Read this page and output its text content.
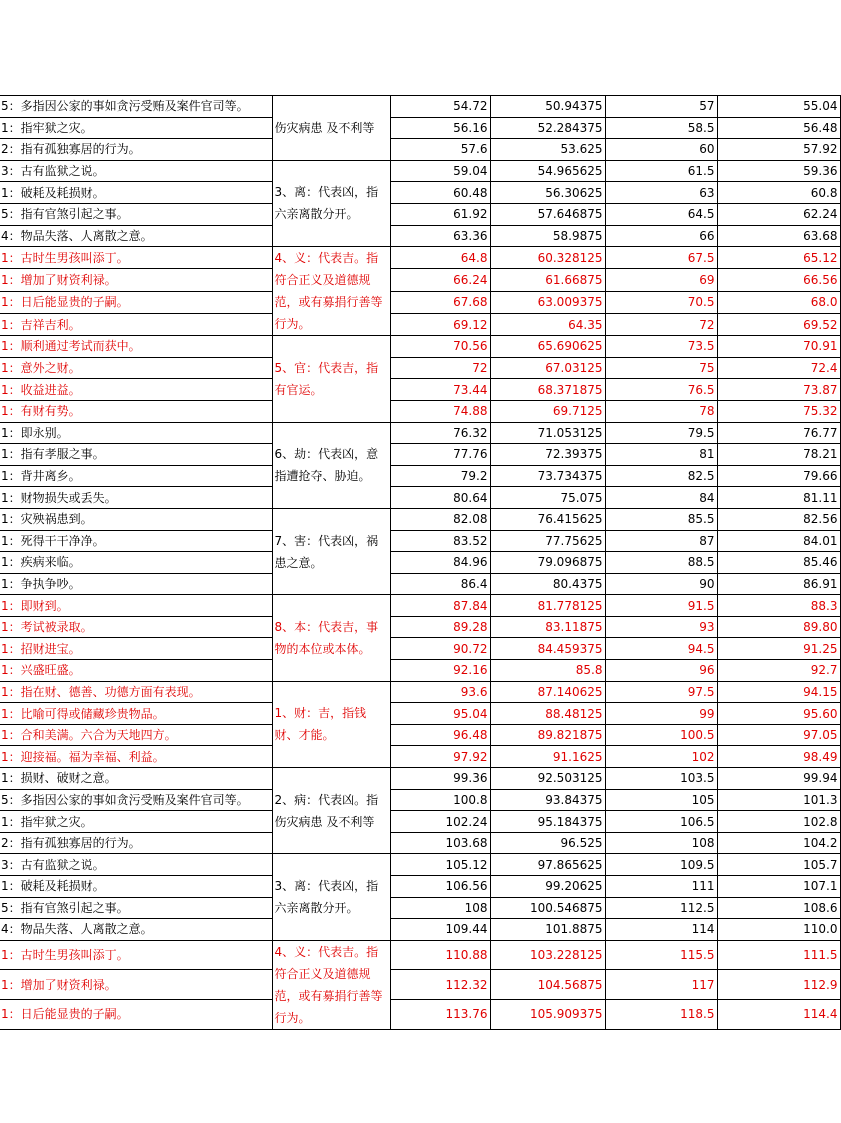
5：多指因公家的事如贪污受贿及案件官司等。	伤灾病患 及不利等	54.72	50.94375	57	55.04
1：指牢狱之灾。		56.16	52.284375	58.5	56.48
2：指有孤独寡居的行为。		57.6	53.625	60	57.92
3：古有监狱之说。	3、离：代表凶，指六亲离散分开。	59.04	54.965625	61.5	59.36
1：破耗及耗损财。		60.48	56.30625	63	60.8
5：指有官煞引起之事。		61.92	57.646875	64.5	62.24
4：物品失落、人离散之意。		63.36	58.9875	66	63.68
1：古时生男孩叫添丁。	4、义：代表吉。指符合正义及道德规范，或有募捐行善等行为。	64.8	60.328125	67.5	65.12
1：增加了财资利禄。		66.24	61.66875	69	66.56
1：日后能显贵的子嗣。		67.68	63.009375	70.5	68.0
1：吉祥吉利。		69.12	64.35	72	69.52
1：顺利通过考试而获中。	5、官：代表吉，指有官运。	70.56	65.690625	73.5	70.91
1：意外之财。		72	67.03125	75	72.4
1：收益进益。		73.44	68.371875	76.5	73.87
1：有财有势。		74.88	69.7125	78	75.32
1：即永别。	6、劫：代表凶，意指遭抢夺、胁迫。	76.32	71.053125	79.5	76.77
1：指有孝服之事。		77.76	72.39375	81	78.21
1：背井离乡。		79.2	73.734375	82.5	79.66
1：财物损失或丢失。		80.64	75.075	84	81.11
1：灾殃祸患到。	7、害：代表凶，祸患之意。	82.08	76.415625	85.5	82.56
1：死得干干净净。		83.52	77.75625	87	84.01
1：疾病来临。		84.96	79.096875	88.5	85.46
1：争执争吵。		86.4	80.4375	90	86.91
1：即财到。	8、本：代表吉，事物的本位或本体。	87.84	81.778125	91.5	88.3
1：考试被录取。		89.28	83.11875	93	89.80
1：招财进宝。		90.72	84.459375	94.5	91.25
1：兴盛旺盛。		92.16	85.8	96	92.7
1：指在财、德善、功德方面有表现。	1、财：吉，指钱财、才能。	93.6	87.140625	97.5	94.15
1：比喻可得或储藏珍贵物品。		95.04	88.48125	99	95.60
1：合和美满。六合为天地四方。		96.48	89.821875	100.5	97.05
1：迎接福。福为幸福、利益。		97.92	91.1625	102	98.49
1：损财、破财之意。	2、病：代表凶。指伤灾病患 及不利等	99.36	92.503125	103.5	99.94
5：多指因公家的事如贪污受贿及案件官司等。		100.8	93.84375	105	101.3
1：指牢狱之灾。		102.24	95.184375	106.5	102.8
2：指有孤独寡居的行为。		103.68	96.525	108	104.2
3：古有监狱之说。	3、离：代表凶，指六亲离散分开。	105.12	97.865625	109.5	105.7
1：破耗及耗损财。		106.56	99.20625	111	107.1
5：指有官煞引起之事。		108	100.546875	112.5	108.6
4：物品失落、人离散之意。		109.44	101.8875	114	110.0
1：古时生男孩叫添丁。	4、义：代表吉。指符合正义及道德规范，或有募捐行善等行为。	110.88	103.228125	115.5	111.5
1：增加了财资利禄。		112.32	104.56875	117	112.9
1：日后能显贵的子嗣。		113.76	105.909375	118.5	114.4
